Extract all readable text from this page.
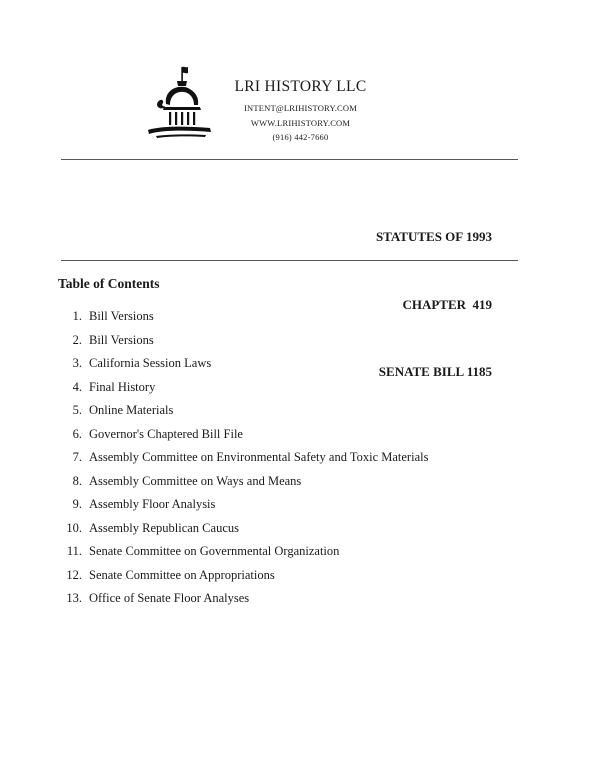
LRI HISTORY LLC
INTENT@LRIHISTORY.COM
WWW.LRIHISTORY.COM
(916) 442-7660

STATUTES OF 1993

CHAPTER  419

SENATE BILL 1185

Table of Contents
1. Bill Versions
2. Bill Versions
3. California Session Laws
4. Final History
5. Online Materials
6. Governor's Chaptered Bill File
7. Assembly Committee on Environmental Safety and Toxic Materials
8. Assembly Committee on Ways and Means
9. Assembly Floor Analysis
10. Assembly Republican Caucus
11. Senate Committee on Governmental Organization
12. Senate Committee on Appropriations
13. Office of Senate Floor Analyses
